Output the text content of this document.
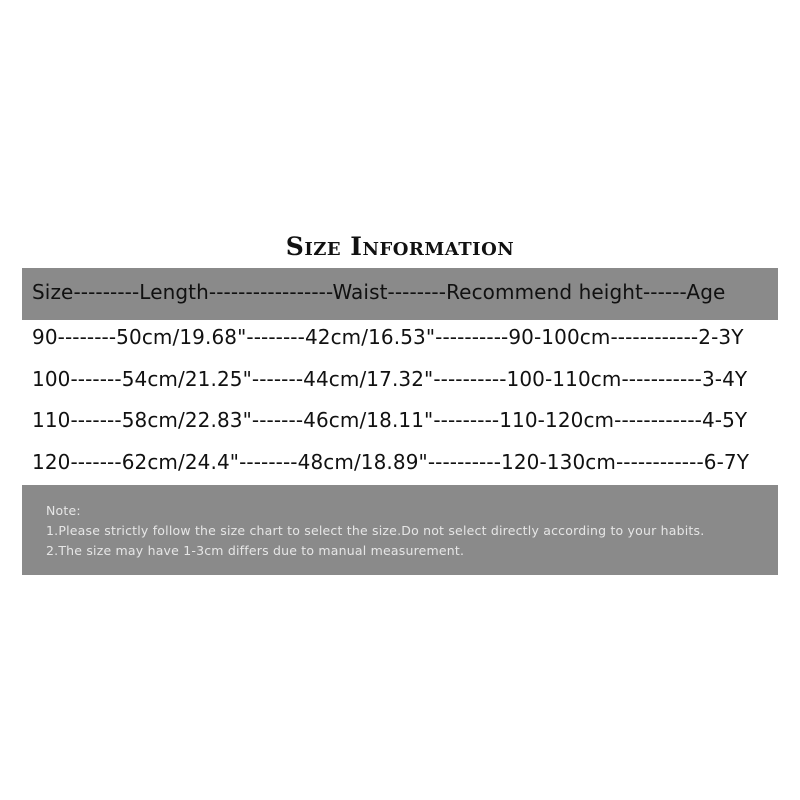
Size Information
Size---------Length-----------------Waist--------Recommend height------Age
90--------50cm/19.68"--------42cm/16.53"----------90-100cm------------2-3Y
100-------54cm/21.25"-------44cm/17.32"----------100-110cm-----------3-4Y
110-------58cm/22.83"-------46cm/18.11"---------110-120cm------------4-5Y
120-------62cm/24.4"--------48cm/18.89"----------120-130cm------------6-7Y
Note:
1.Please strictly follow the size chart to select the size.Do not select directly according to your habits.
2.The size may have 1-3cm differs due to manual measurement.
